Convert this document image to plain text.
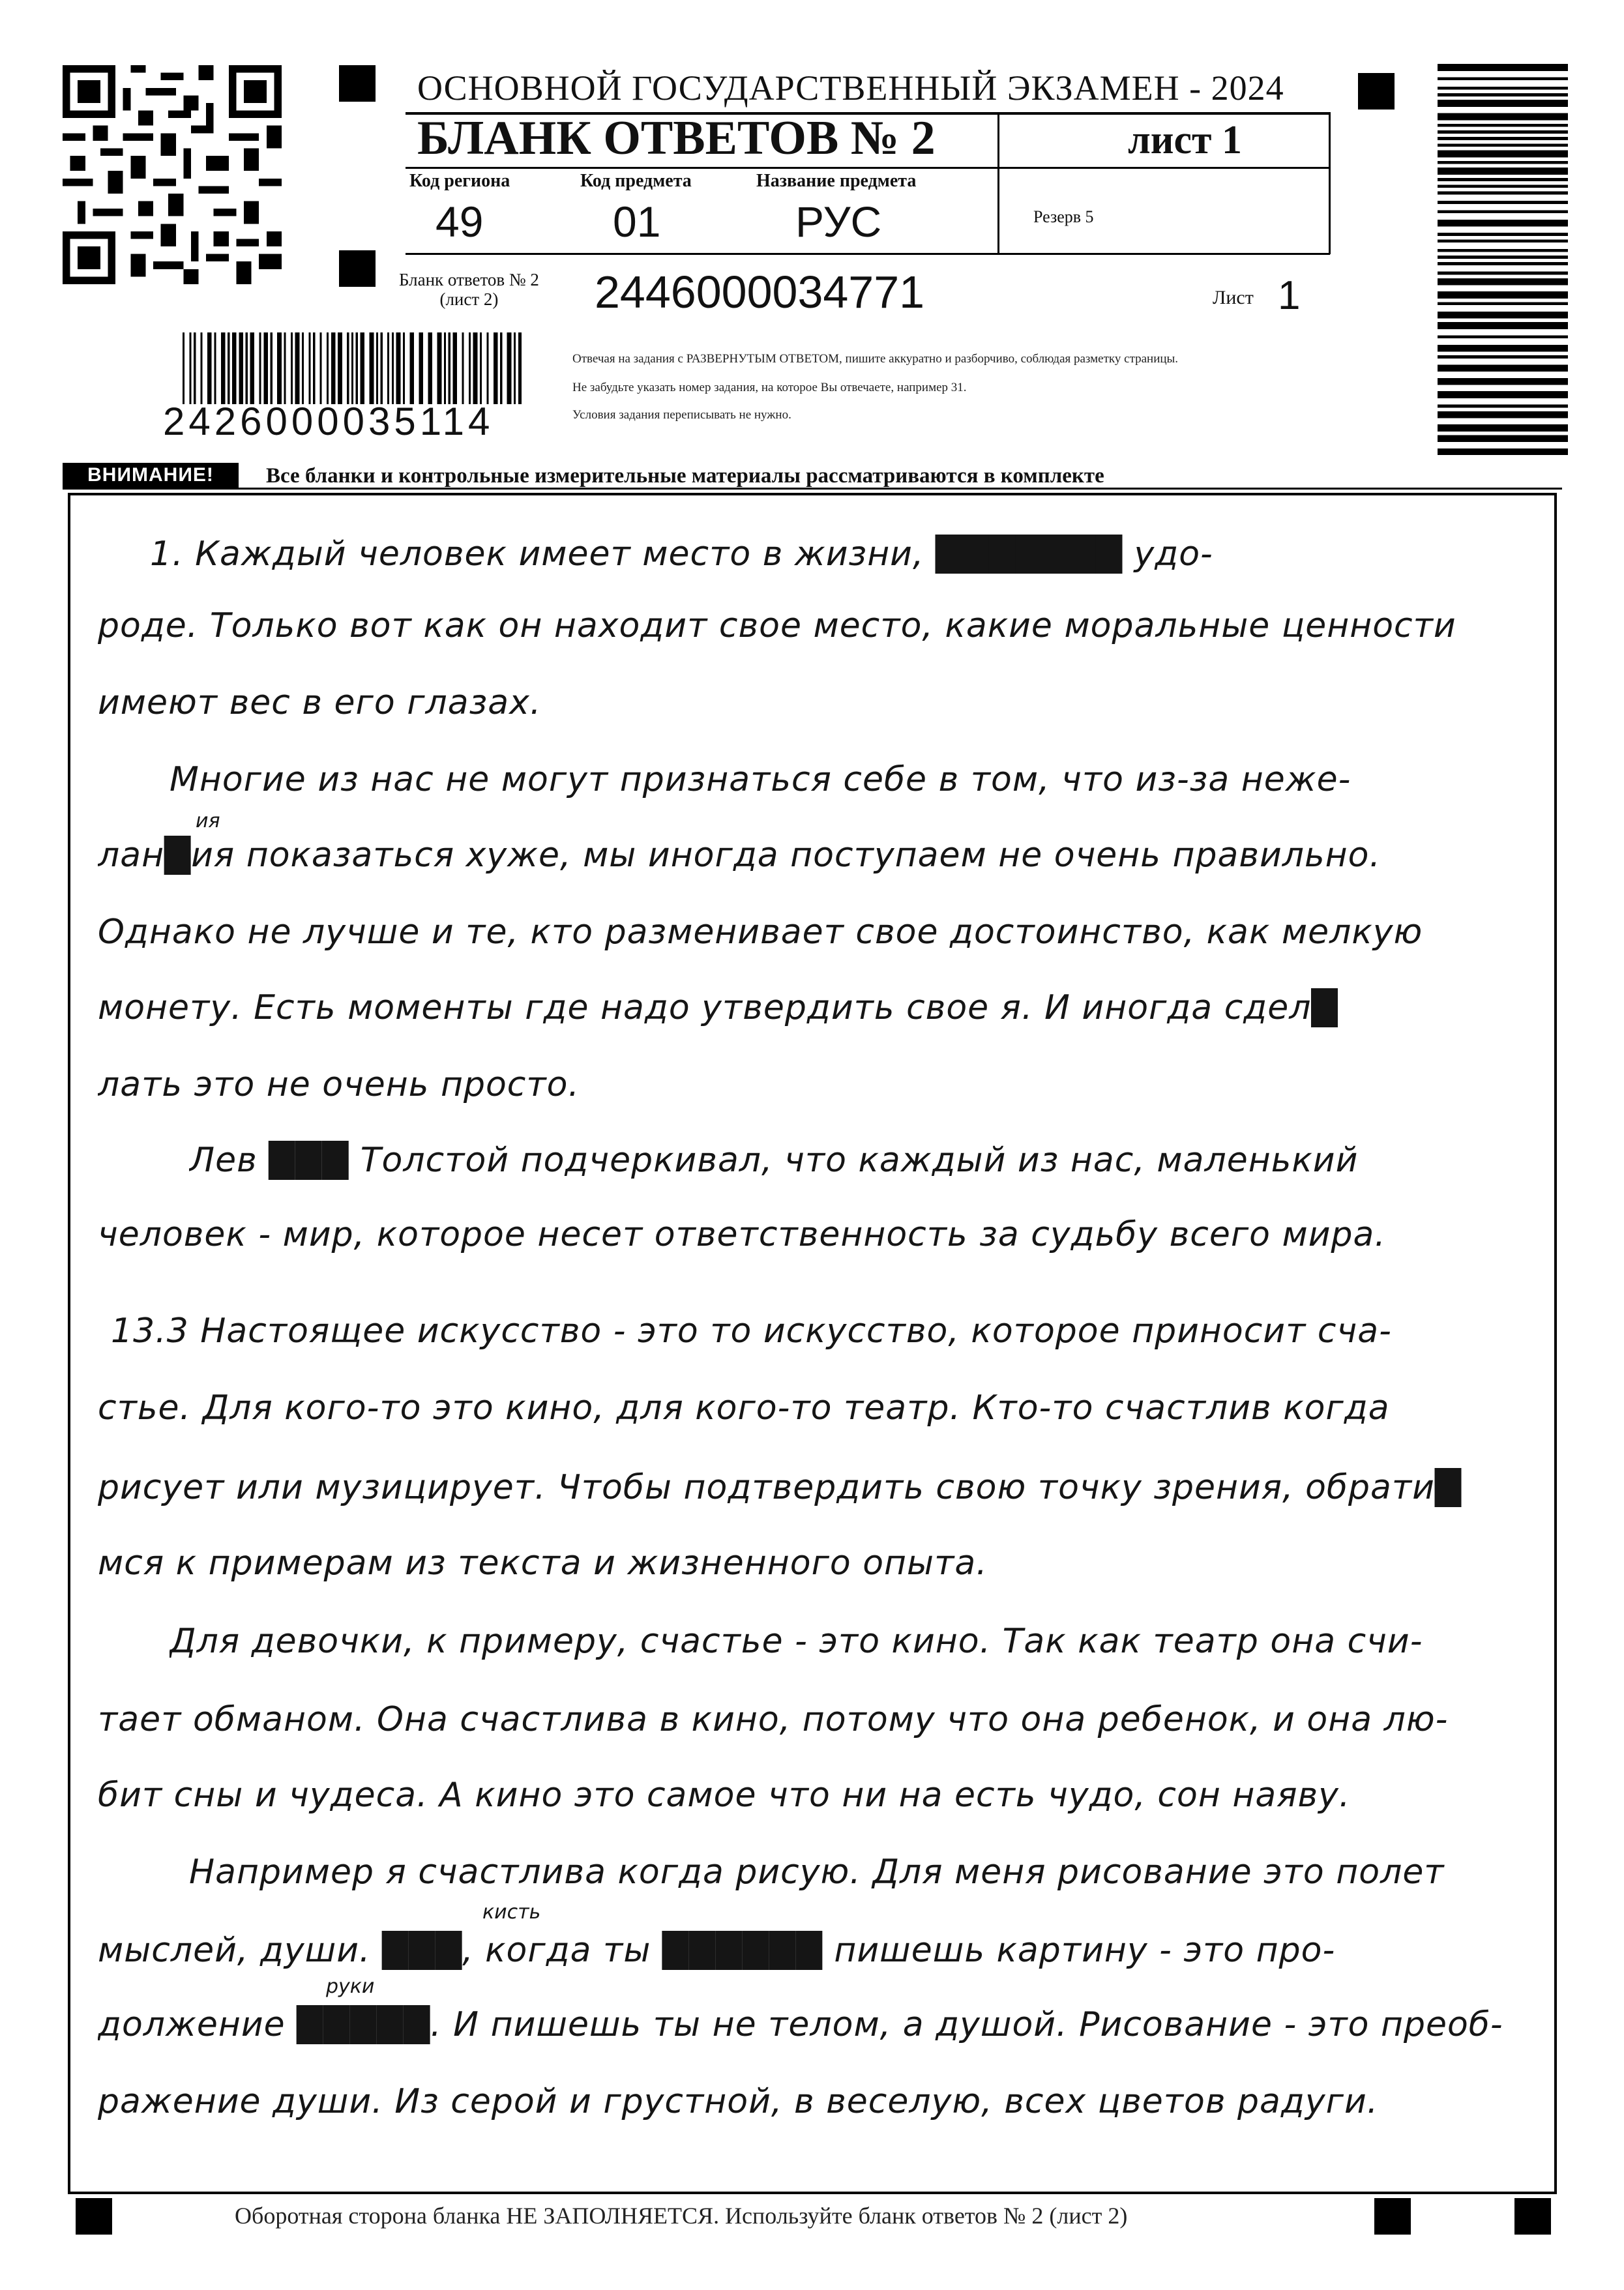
ОСНОВНОЙ ГОСУДАРСТВЕННЫЙ ЭКЗАМЕН - 2024
БЛАНК ОТВЕТОВ № 2	лист 1
Код региона
49
Код предмета
01
Название предмета
РУС	Резерв 5
Бланк ответов № 2
(лист 2)	2446000034771	Лист 1
2426000035114
Отвечая на задания с РАЗВЕРНУТЫМ ОТВЕТОМ, пишите аккуратно и разборчиво, соблюдая разметку страницы.
Не забудьте указать номер задания, на которое Вы отвечаете, например 31.
Условия задания переписывать не нужно.
ВНИМАНИЕ!	Все бланки и контрольные измерительные материалы рассматриваются в комплекте
1. Каждый человек имеет место в жизни, ███████ удо-
роде. Только вот как он находит свое место, какие моральные ценности
имеют вес в его глазах.
Многие из нас не могут признаться себе в том, что из-за неже-
ия
лан█ия показаться хуже, мы иногда поступаем не очень правильно.
Однако не лучше и те, кто разменивает свое достоинство, как мелкую
монету. Есть моменты где надо утвердить свое я. И иногда сдел█
лать это не очень просто.
Лев ███ Толстой подчеркивал, что каждый из нас, маленький
человек - мир, которое несет ответственность за судьбу всего мира.
13.3 Настоящее искусство - это то искусство, которое приносит сча-
стье. Для кого-то это кино, для кого-то театр. Кто-то счастлив когда
рисует или музицирует. Чтобы подтвердить свою точку зрения, обрати█
мся к примерам из текста и жизненного опыта.
Для девочки, к примеру, счастье - это кино. Так как театр она счи-
тает обманом. Она счастлива в кино, потому что она ребенок, и она лю-
бит сны и чудеса. А кино это самое что ни на есть чудо, сон наяву.
Например я счастлива когда рисую. Для меня рисование это полет
кисть
мыслей, души. ███, когда ты ██████ пишешь картину - это про-
руки
должение █████. И пишешь ты не телом, а душой. Рисование - это преоб-
ражение души. Из серой и грустной, в веселую, всех цветов радуги.
Оборотная сторона бланка НЕ ЗАПОЛНЯЕТСЯ. Используйте бланк ответов № 2 (лист 2)
